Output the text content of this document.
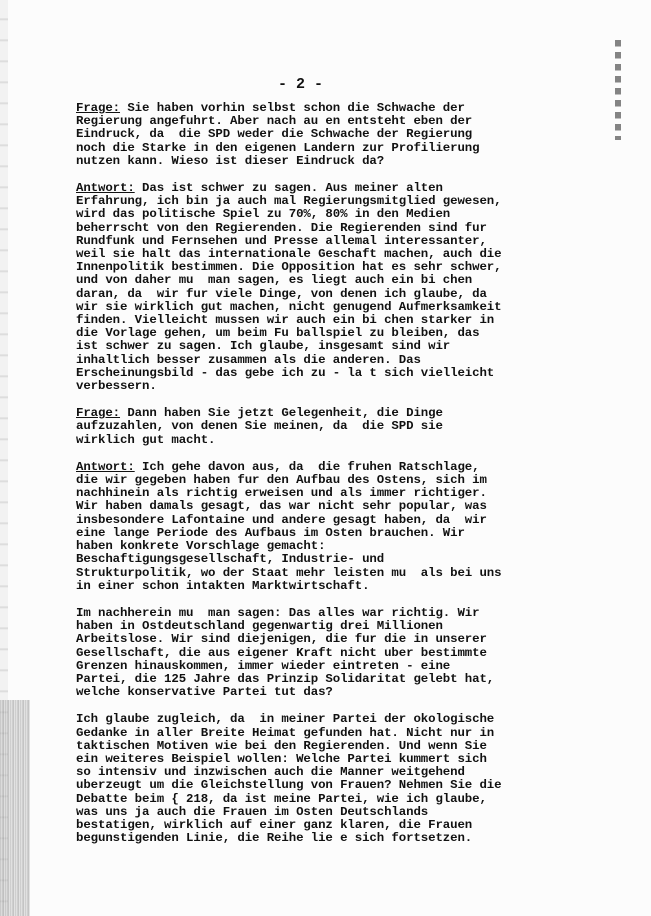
- 2 -
Frage: Sie haben vorhin selbst schon die Schwache der
Regierung angefuhrt. Aber nach au en entsteht eben der
Eindruck, da  die SPD weder die Schwache der Regierung
noch die Starke in den eigenen Landern zur Profilierung
nutzen kann. Wieso ist dieser Eindruck da?
Antwort: Das ist schwer zu sagen. Aus meiner alten
Erfahrung, ich bin ja auch mal Regierungsmitglied gewesen,
wird das politische Spiel zu 70%, 80% in den Medien
beherrscht von den Regierenden. Die Regierenden sind fur
Rundfunk und Fernsehen und Presse allemal interessanter,
weil sie halt das internationale Geschaft machen, auch die
Innenpolitik bestimmen. Die Opposition hat es sehr schwer,
und von daher mu  man sagen, es liegt auch ein bi chen
daran, da  wir fur viele Dinge, von denen ich glaube, da
wir sie wirklich gut machen, nicht genugend Aufmerksamkeit
finden. Vielleicht mussen wir auch ein bi chen starker in
die Vorlage gehen, um beim Fu ballspiel zu bleiben, das
ist schwer zu sagen. Ich glaube, insgesamt sind wir
inhaltlich besser zusammen als die anderen. Das
Erscheinungsbild - das gebe ich zu - la t sich vielleicht
verbessern.
Frage: Dann haben Sie jetzt Gelegenheit, die Dinge
aufzuzahlen, von denen Sie meinen, da  die SPD sie
wirklich gut macht.
Antwort: Ich gehe davon aus, da  die fruhen Ratschlage,
die wir gegeben haben fur den Aufbau des Ostens, sich im
nachhinein als richtig erweisen und als immer richtiger.
Wir haben damals gesagt, das war nicht sehr popular, was
insbesondere Lafontaine und andere gesagt haben, da  wir
eine lange Periode des Aufbaus im Osten brauchen. Wir
haben konkrete Vorschlage gemacht:
Beschaftigungsgesellschaft, Industrie- und
Strukturpolitik, wo der Staat mehr leisten mu  als bei uns
in einer schon intakten Marktwirtschaft.
Im nachherein mu  man sagen: Das alles war richtig. Wir
haben in Ostdeutschland gegenwartig drei Millionen
Arbeitslose. Wir sind diejenigen, die fur die in unserer
Gesellschaft, die aus eigener Kraft nicht uber bestimmte
Grenzen hinauskommen, immer wieder eintreten - eine
Partei, die 125 Jahre das Prinzip Solidaritat gelebt hat,
welche konservative Partei tut das?
Ich glaube zugleich, da  in meiner Partei der okologische
Gedanke in aller Breite Heimat gefunden hat. Nicht nur in
taktischen Motiven wie bei den Regierenden. Und wenn Sie
ein weiteres Beispiel wollen: Welche Partei kummert sich
so intensiv und inzwischen auch die Manner weitgehend
uberzeugt um die Gleichstellung von Frauen? Nehmen Sie die
Debatte beim { 218, da ist meine Partei, wie ich glaube,
was uns ja auch die Frauen im Osten Deutschlands
bestatigen, wirklich auf einer ganz klaren, die Frauen
begunstigenden Linie, die Reihe lie e sich fortsetzen.
